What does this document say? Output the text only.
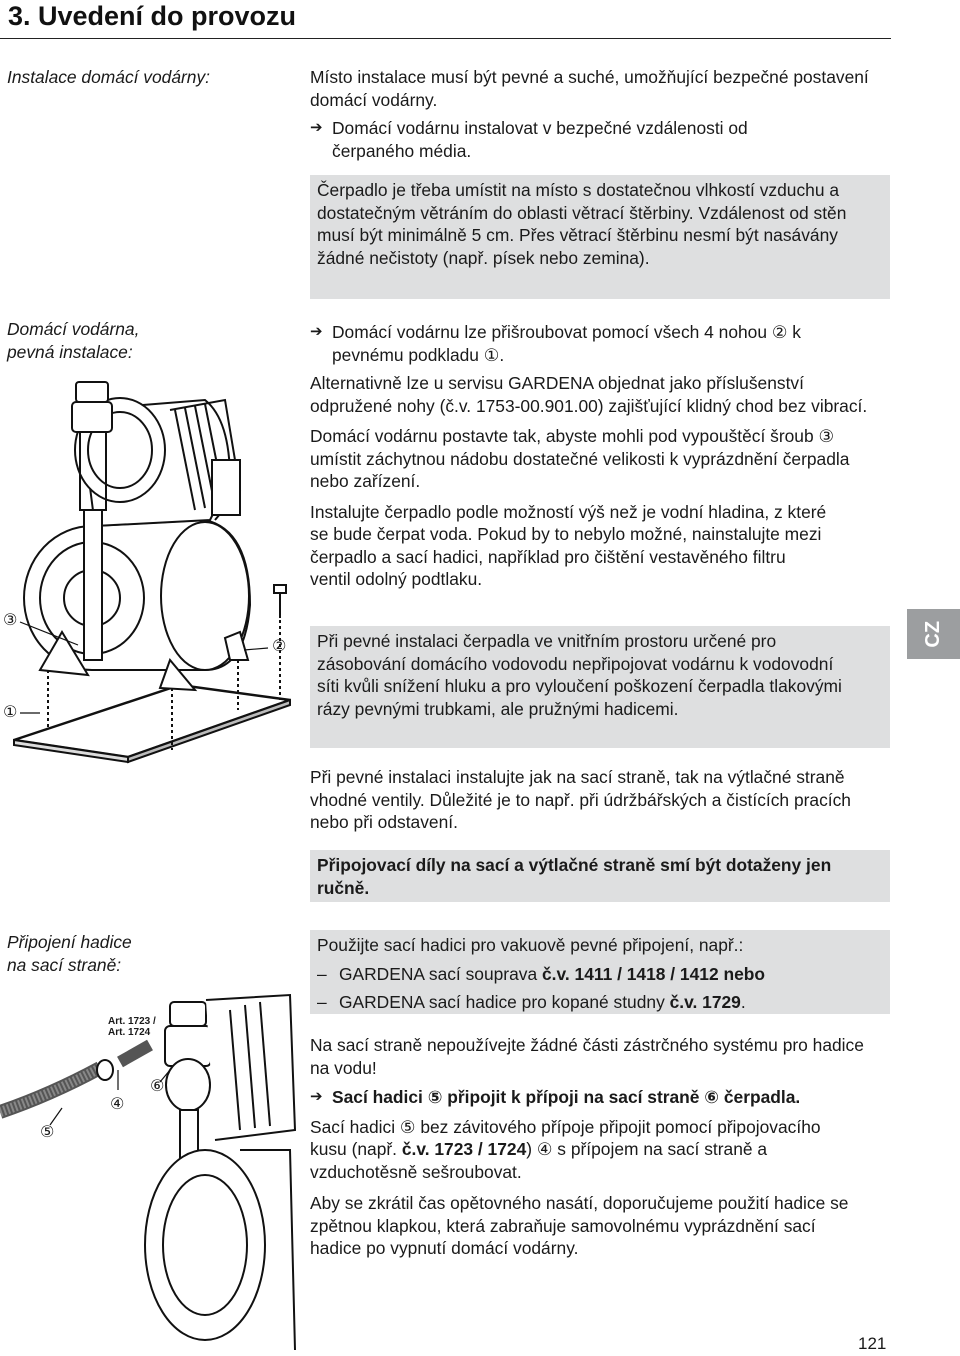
3. Uvedení do provozu
Instalace domácí vodárny:	Místo instalace musí být pevné a suché, umožňující bezpečné postavení domácí vodárny.

➔ Domácí vodárnu instalovat v bezpečné vzdálenosti od
čerpaného média.

Čerpadlo je třeba umístit na místo s dostatečnou vlhkostí vzduchu a dostatečným větráním do oblasti větrací štěrbiny. Vzdálenost od stěn musí být minimálně 5 cm. Přes větrací štěrbinu nesmí být nasávány žádné nečistoty (např. písek nebo zemina).

Domácí vodárna,
pevná instalace:
➔ Domácí vodárnu lze přišroubovat pomocí všech 4 nohou ② k
pevnému podkladu ①.

Alternativně lze u servisu GARDENA objednat jako příslušenství odpružené nohy (č.v. 1753-00.901.00) zajišťující klidný chod bez vibrací.

Domácí vodárnu postavte tak, abyste mohli pod vypouštěcí šroub ③ umístit záchytnou nádobu dostatečné velikosti k vyprázdnění čerpadla nebo zařízení.

Instalujte čerpadlo podle možností výš než je vodní hladina, z které se bude čerpat voda. Pokud by to nebylo možné, nainstalujte mezi čerpadlo a sací hadici, například pro čištění vestavěného filtru ventil odolný podtlaku.

Při pevné instalaci čerpadla ve vnitřním prostoru určené pro zásobování domácího vodovodu nepřipojovat vodárnu k vodovodní síti kvůli snížení hluku a pro vyloučení poškození čerpadla tlakovými rázy pevnými trubkami, ale pružnými hadicemi.

Při pevné instalaci instalujte jak na sací straně, tak na výtlačné straně vhodné ventily. Důležité je to např. při údržbářských a čistících pracích nebo při odstavení.

Připojovací díly na sací a výtlačné straně smí být dotaženy jen ručně.

③
①
②
Připojení hadice
na sací straně:

Použijte sací hadici pro vakuově pevné připojení, např.:

– GARDENA sací souprava č.v. 1411 / 1418 / 1412 nebo
– GARDENA sací hadice pro kopané studny č.v. 1729.

Na sací straně nepoužívejte žádné části zástrčného systému pro hadice na vodu!

➔ Sací hadici ⑤ připojit k přípoji na sací straně ⑥ čerpadla.

Sací hadici ⑤ bez závitového přípoje připojit pomocí připojovacího kusu (např. č.v. 1723 / 1724) ④ s přípojem na sací straně a vzduchotěsně sešroubovat.

Aby se zkrátil čas opětovného nasátí, doporučujeme použití hadice se zpětnou klapkou, která zabraňuje samovolnému vyprázdnění sací hadice po vypnutí domácí vodárny.

Art. 1723 / Art. 1724
④
⑤
⑥
CZ
121
